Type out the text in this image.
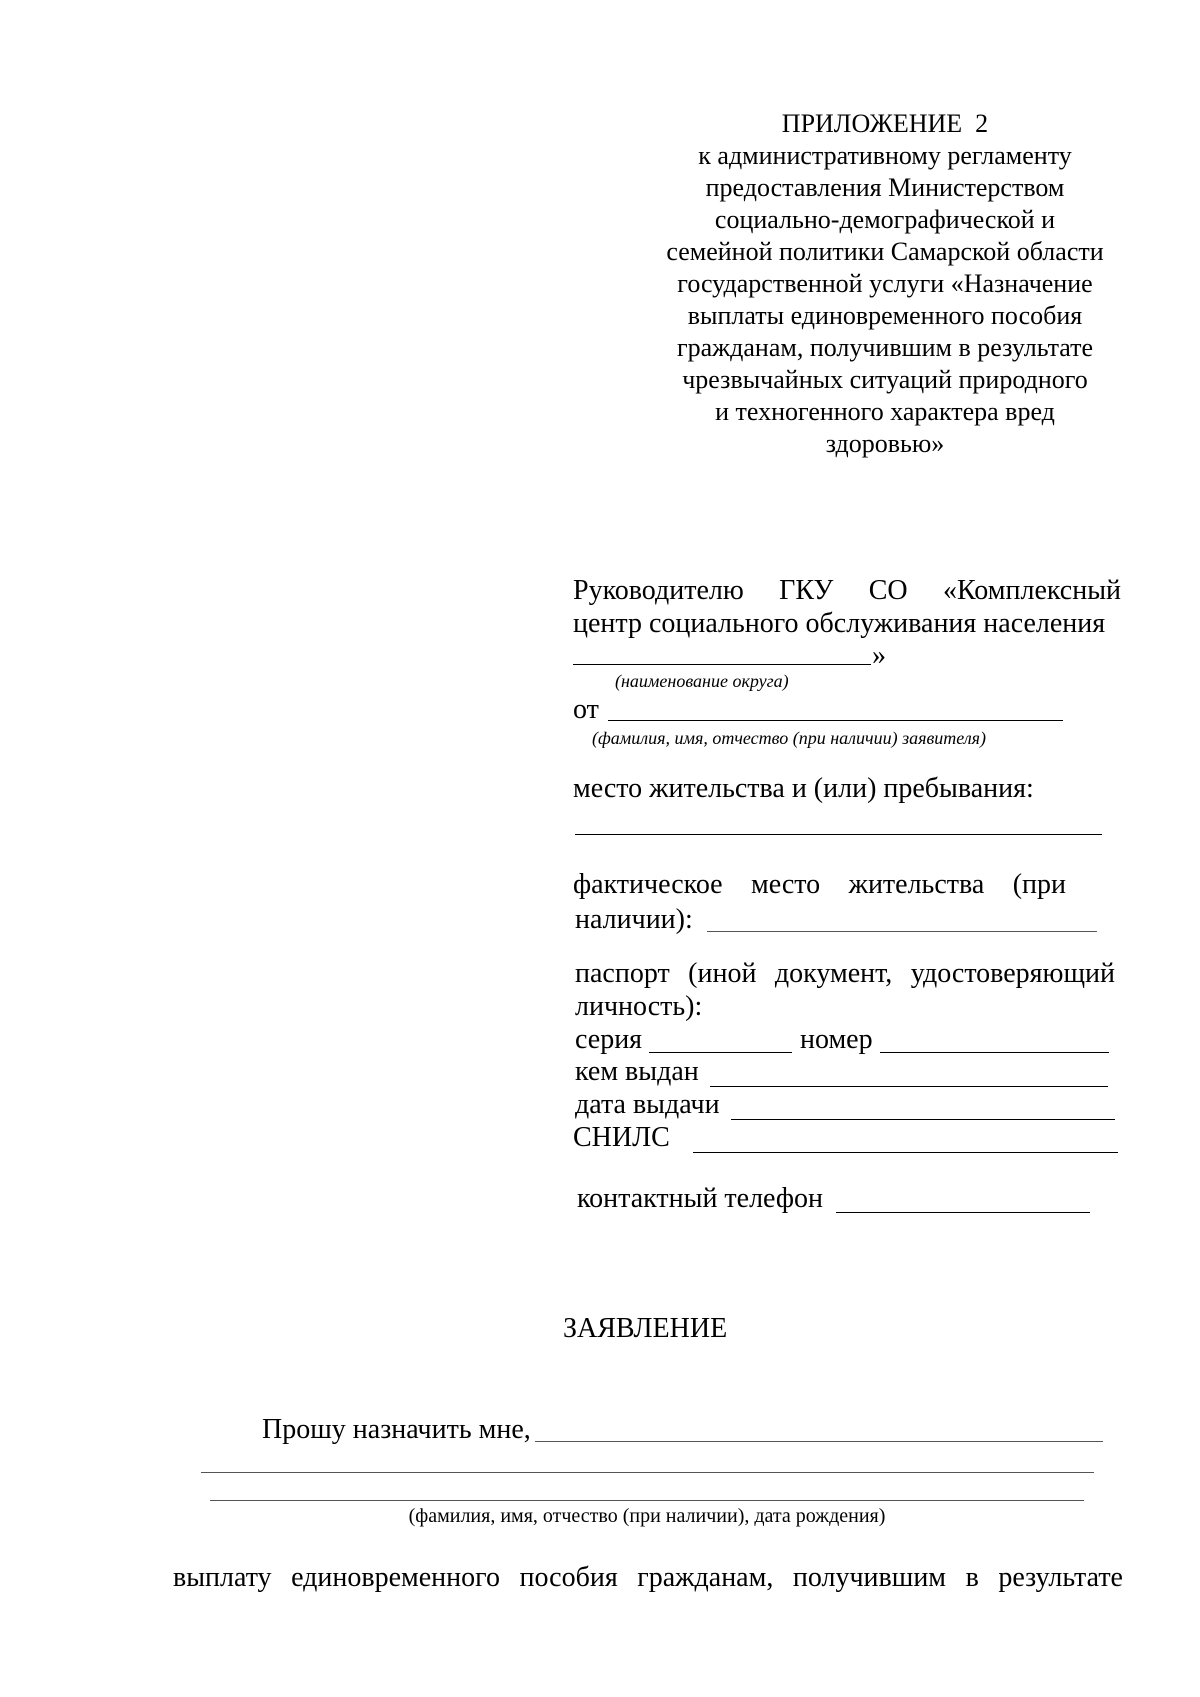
ПРИЛОЖЕНИЕ  2
к административному регламенту
предоставления Министерством
социально-демографической и
семейной политики Самарской области
государственной услуги «Назначение
выплаты единовременного пособия
гражданам, получившим в результате
чрезвычайных ситуаций природного
и техногенного характера вред
здоровью»
Руководителю ГКУ СО «Комплексный
центр социального обслуживания населения
»
(наименование округа)
от
(фамилия, имя, отчество (при наличии) заявителя)
место жительства и (или) пребывания:
фактическое место жительства (при
наличии):
паспорт (иной документ, удостоверяющий
личность):
серия	номер
кем выдан
дата выдачи
СНИЛС
контактный телефон
ЗАЯВЛЕНИЕ
Прошу назначить мне,
(фамилия, имя, отчество (при наличии), дата рождения)
выплату единовременного пособия гражданам, получившим в результате
